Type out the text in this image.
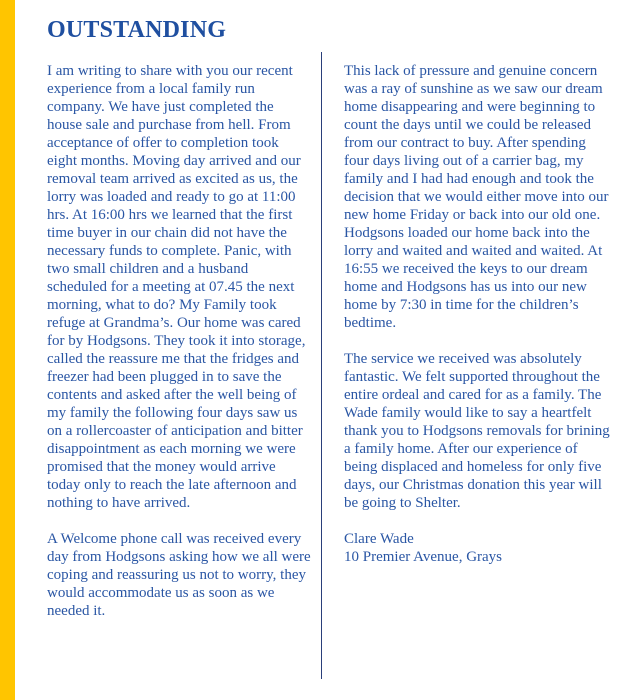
OUTSTANDING

I am writing to share with you our recent experience from a local family run company. We have just completed the house sale and purchase from hell. From acceptance of offer to completion took eight months. Moving day arrived and our removal team arrived as excited as us, the lorry was loaded and ready to go at 11:00 hrs. At 16:00 hrs we learned that the first time buyer in our chain did not have the necessary funds to complete. Panic, with two small children and a husband scheduled for a meeting at 07.45 the next morning, what to do? My Family took refuge at Grandma’s. Our home was cared for by Hodgsons. They took it into storage, called the reassure me that the fridges and freezer had been plugged in to save the contents and asked after the well being of my family the following four days saw us on a rollercoaster of anticipation and bitter disappointment as each morning we were promised that the money would arrive today only to reach the late afternoon and nothing to have arrived.

A Welcome phone call was received every day from Hodgsons asking how we all were coping and reassuring us not to worry, they would accommodate us as soon as we needed it.

This lack of pressure and genuine concern was a ray of sunshine as we saw our dream home disappearing and were beginning to count the days until we could be released from our contract to buy. After spending four days living out of a carrier bag, my family and I had had enough and took the decision that we would either move into our new home Friday or back into our old one. Hodgsons loaded our home back into the lorry and waited and waited and waited. At 16:55 we received the keys to our dream home and Hodgsons has us into our new home by 7:30 in time for the children’s bedtime.

The service we received was absolutely fantastic. We felt supported throughout the entire ordeal and cared for as a family. The Wade family would like to say a heartfelt thank you to Hodgsons removals for brining a family home. After our experience of being displaced and homeless for only five days, our Christmas donation this year will be going to Shelter.

Clare Wade
10 Premier Avenue, Grays
